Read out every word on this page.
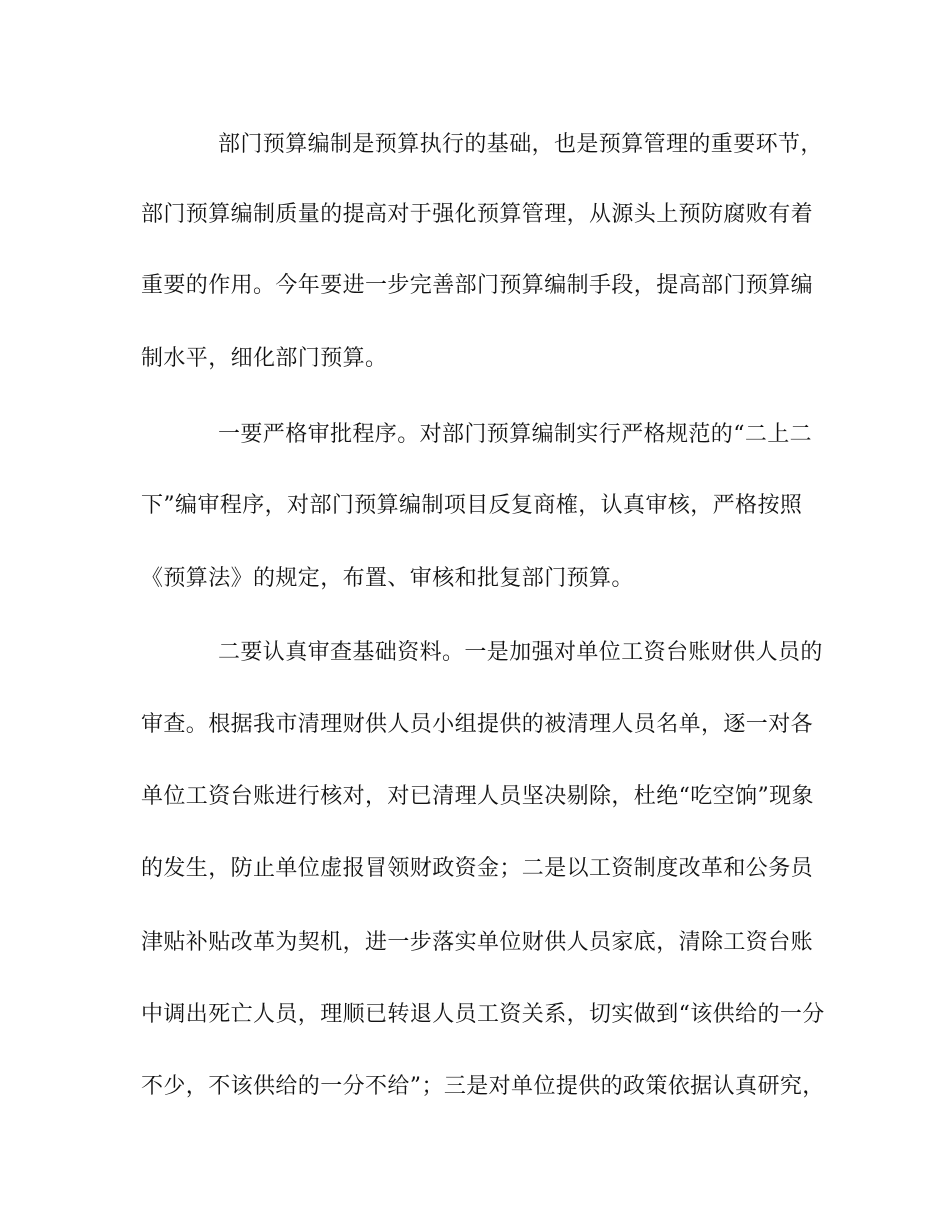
部门预算编制是预算执行的基础，也是预算管理的重要环节，
部门预算编制质量的提高对于强化预算管理，从源头上预防腐败有着
重要的作用。今年要进一步完善部门预算编制手段，提高部门预算编
制水平，细化部门预算。
一要严格审批程序。对部门预算编制实行严格规范的“二上二
下”编审程序，对部门预算编制项目反复商榷，认真审核，严格按照
《预算法》的规定，布置、审核和批复部门预算。
二要认真审查基础资料。一是加强对单位工资台账财供人员的
审查。根据我市清理财供人员小组提供的被清理人员名单，逐一对各
单位工资台账进行核对，对已清理人员坚决剔除，杜绝“吃空饷”现象
的发生，防止单位虚报冒领财政资金；二是以工资制度改革和公务员
津贴补贴改革为契机，进一步落实单位财供人员家底，清除工资台账
中调出死亡人员，理顺已转退人员工资关系，切实做到“该供给的一分
不少，不该供给的一分不给”；三是对单位提供的政策依据认真研究，
